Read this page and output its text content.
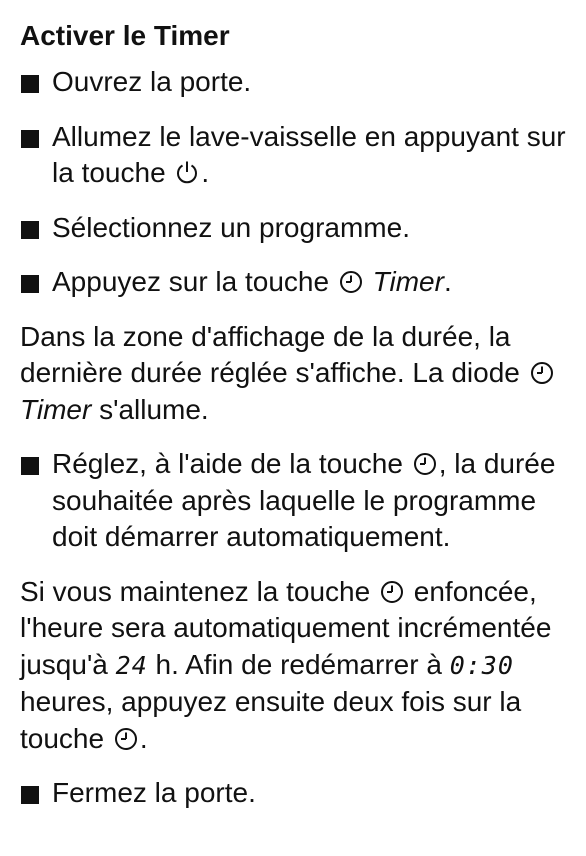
Activer le Timer
Ouvrez la porte.
Allumez le lave-vaisselle en appuyant sur la touche .
Sélectionnez un programme.
Appuyez sur la touche Timer.
Dans la zone d'affichage de la durée, la dernière durée réglée s'affiche. La diode
Timer s'allume.
Réglez, à l'aide de la touche , la durée souhaitée après laquelle le programme doit démarrer automatiquement.
Si vous maintenez la touche enfoncée, l'heure sera automatiquement incrémentée jusqu'à 24 h. Afin de redémarrer à 0:30 heures, appuyez ensuite deux fois sur la touche .
Fermez la porte.
